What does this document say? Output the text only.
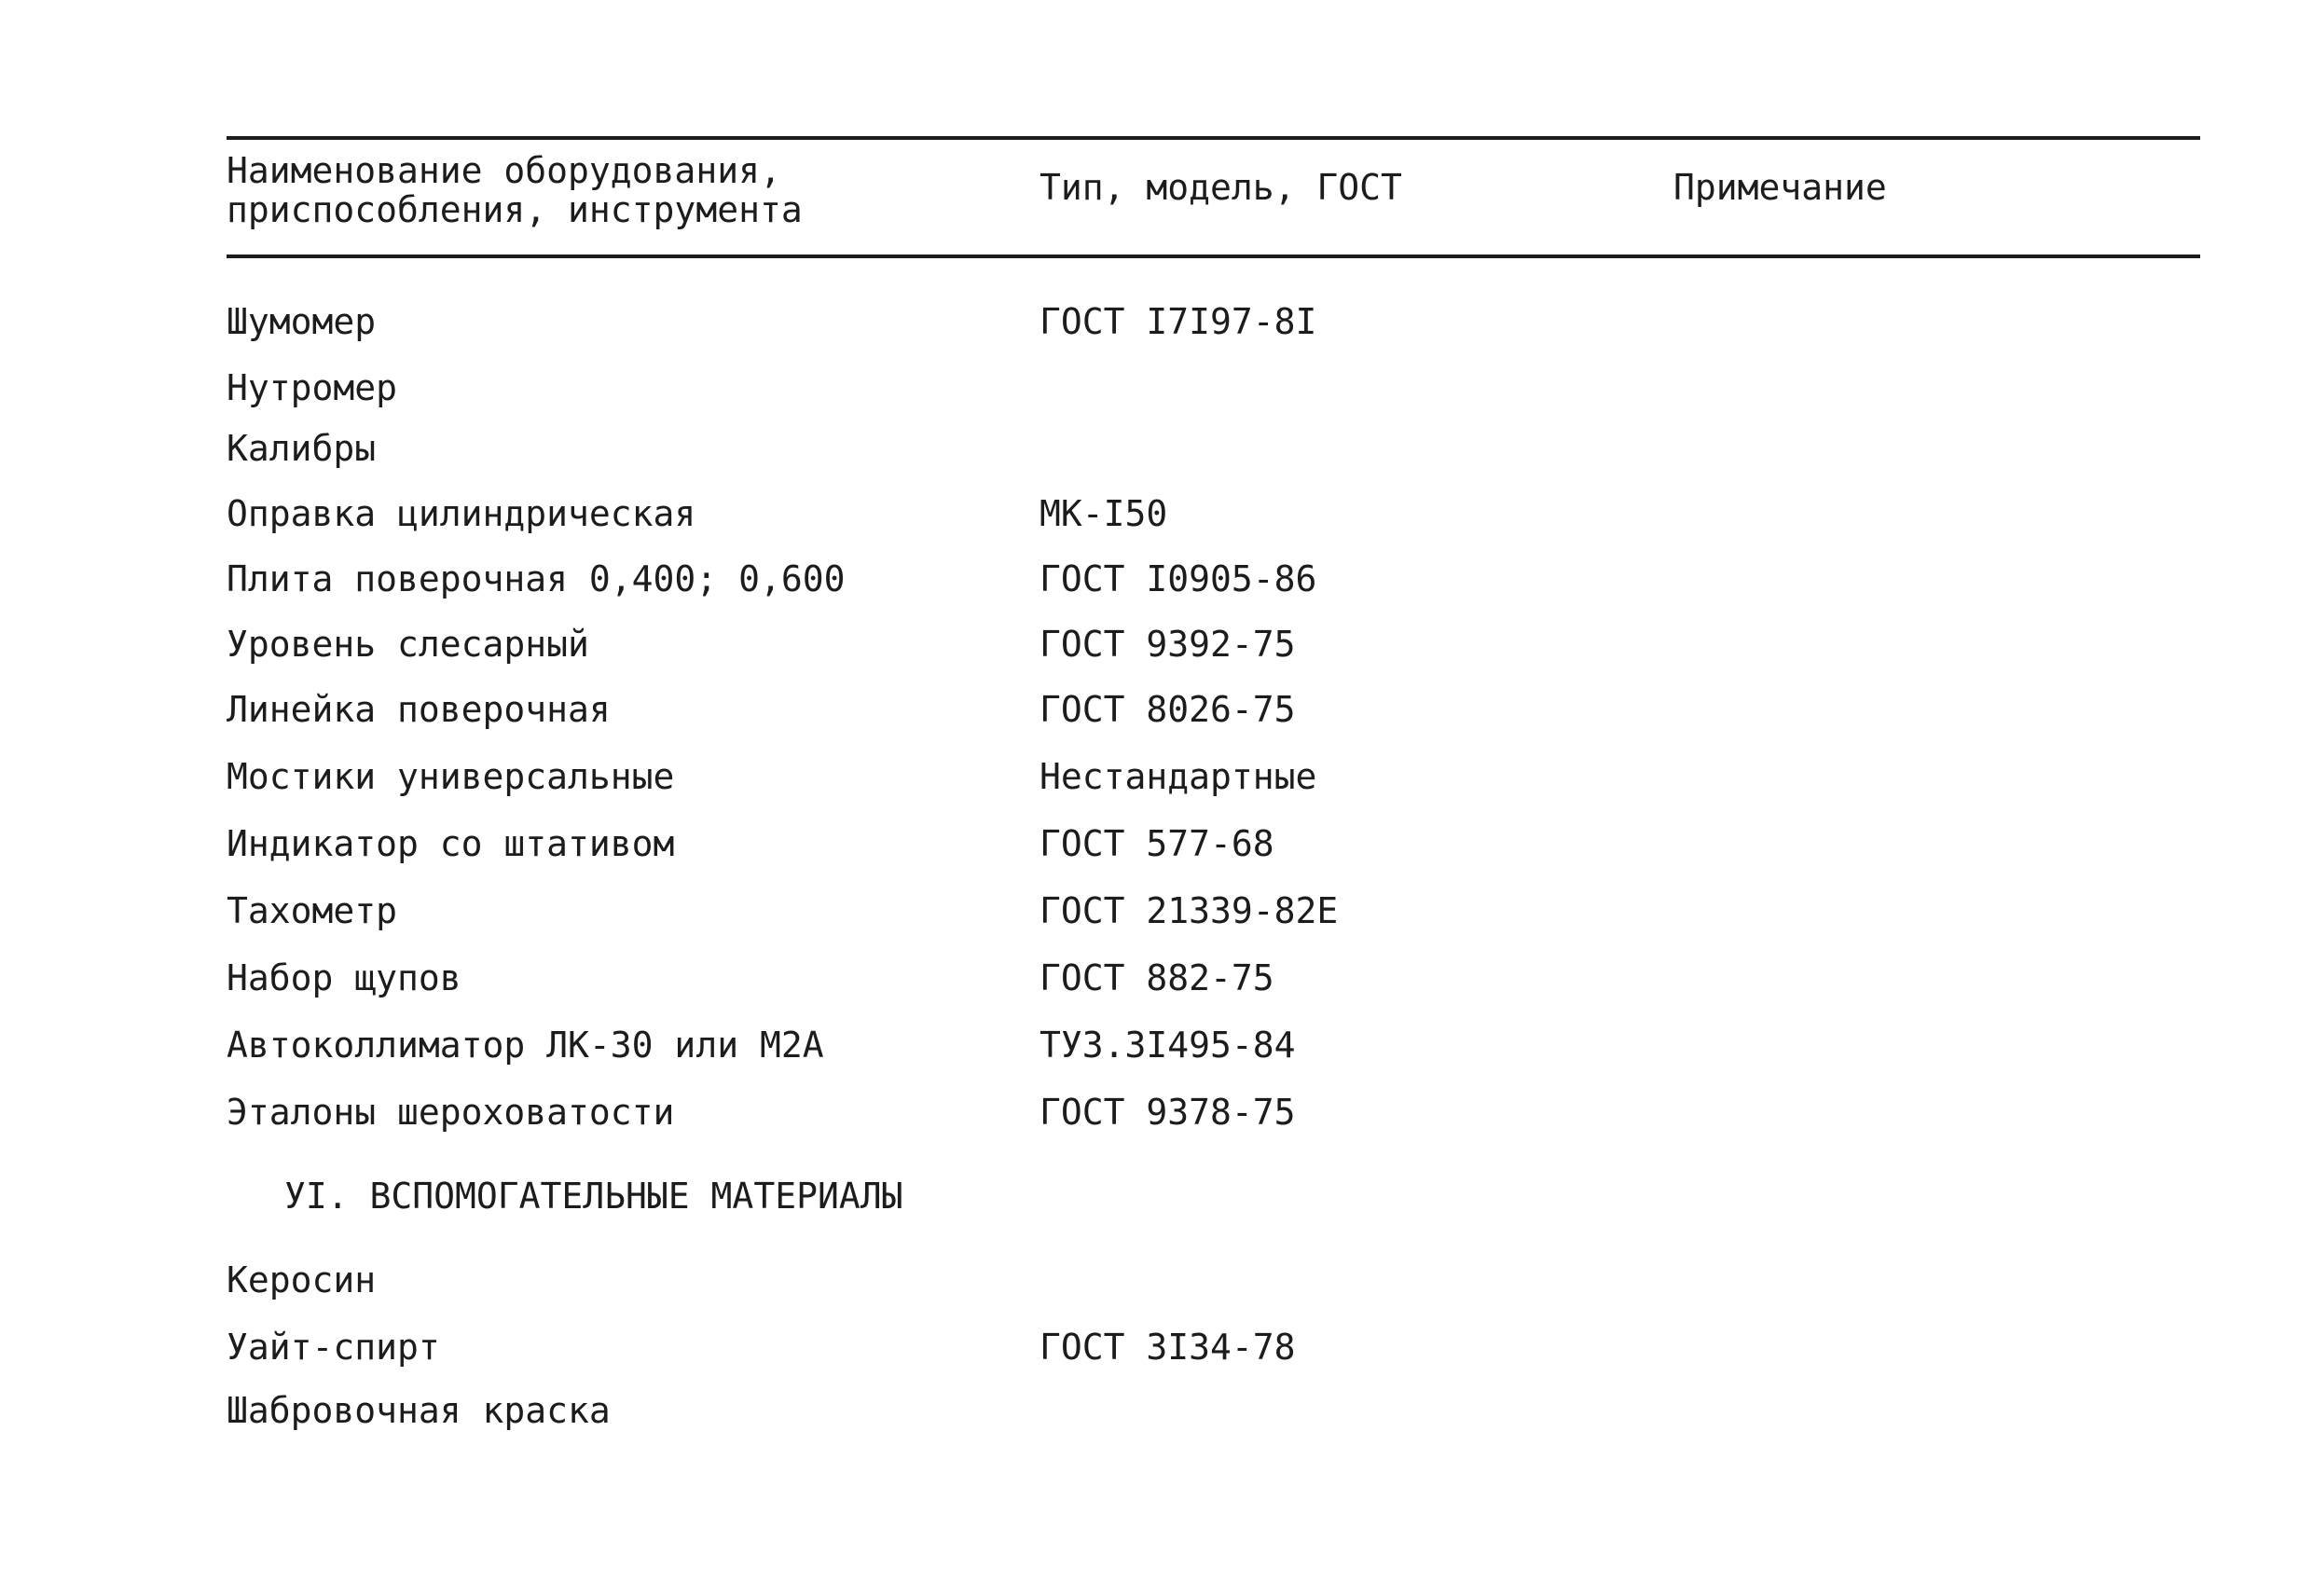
Наименование оборудования,
приспособления, инструмента
Тип, модель, ГОСТ	Примечание
Шумомер	ГОСТ I7I97-8I
Нутромер
Калибры
Оправка цилиндрическая	МК-I50
Плита поверочная 0,400; 0,600	ГОСТ I0905-86
Уровень слесарный	ГОСТ 9392-75
Линейка поверочная	ГОСТ 8026-75
Мостики универсальные	Нестандартные
Индикатор со штативом	ГОСТ 577-68
Тахометр	ГОСТ 21339-82Е
Набор щупов	ГОСТ 882-75
Автоколлиматор ЛК-30 или М2А	ТУ3.3I495-84
Эталоны шероховатости	ГОСТ 9378-75
УI. ВСПОМОГАТЕЛЬНЫЕ МАТЕРИАЛЫ
Керосин
Уайт-спирт	ГОСТ 3I34-78
Шабровочная краска
